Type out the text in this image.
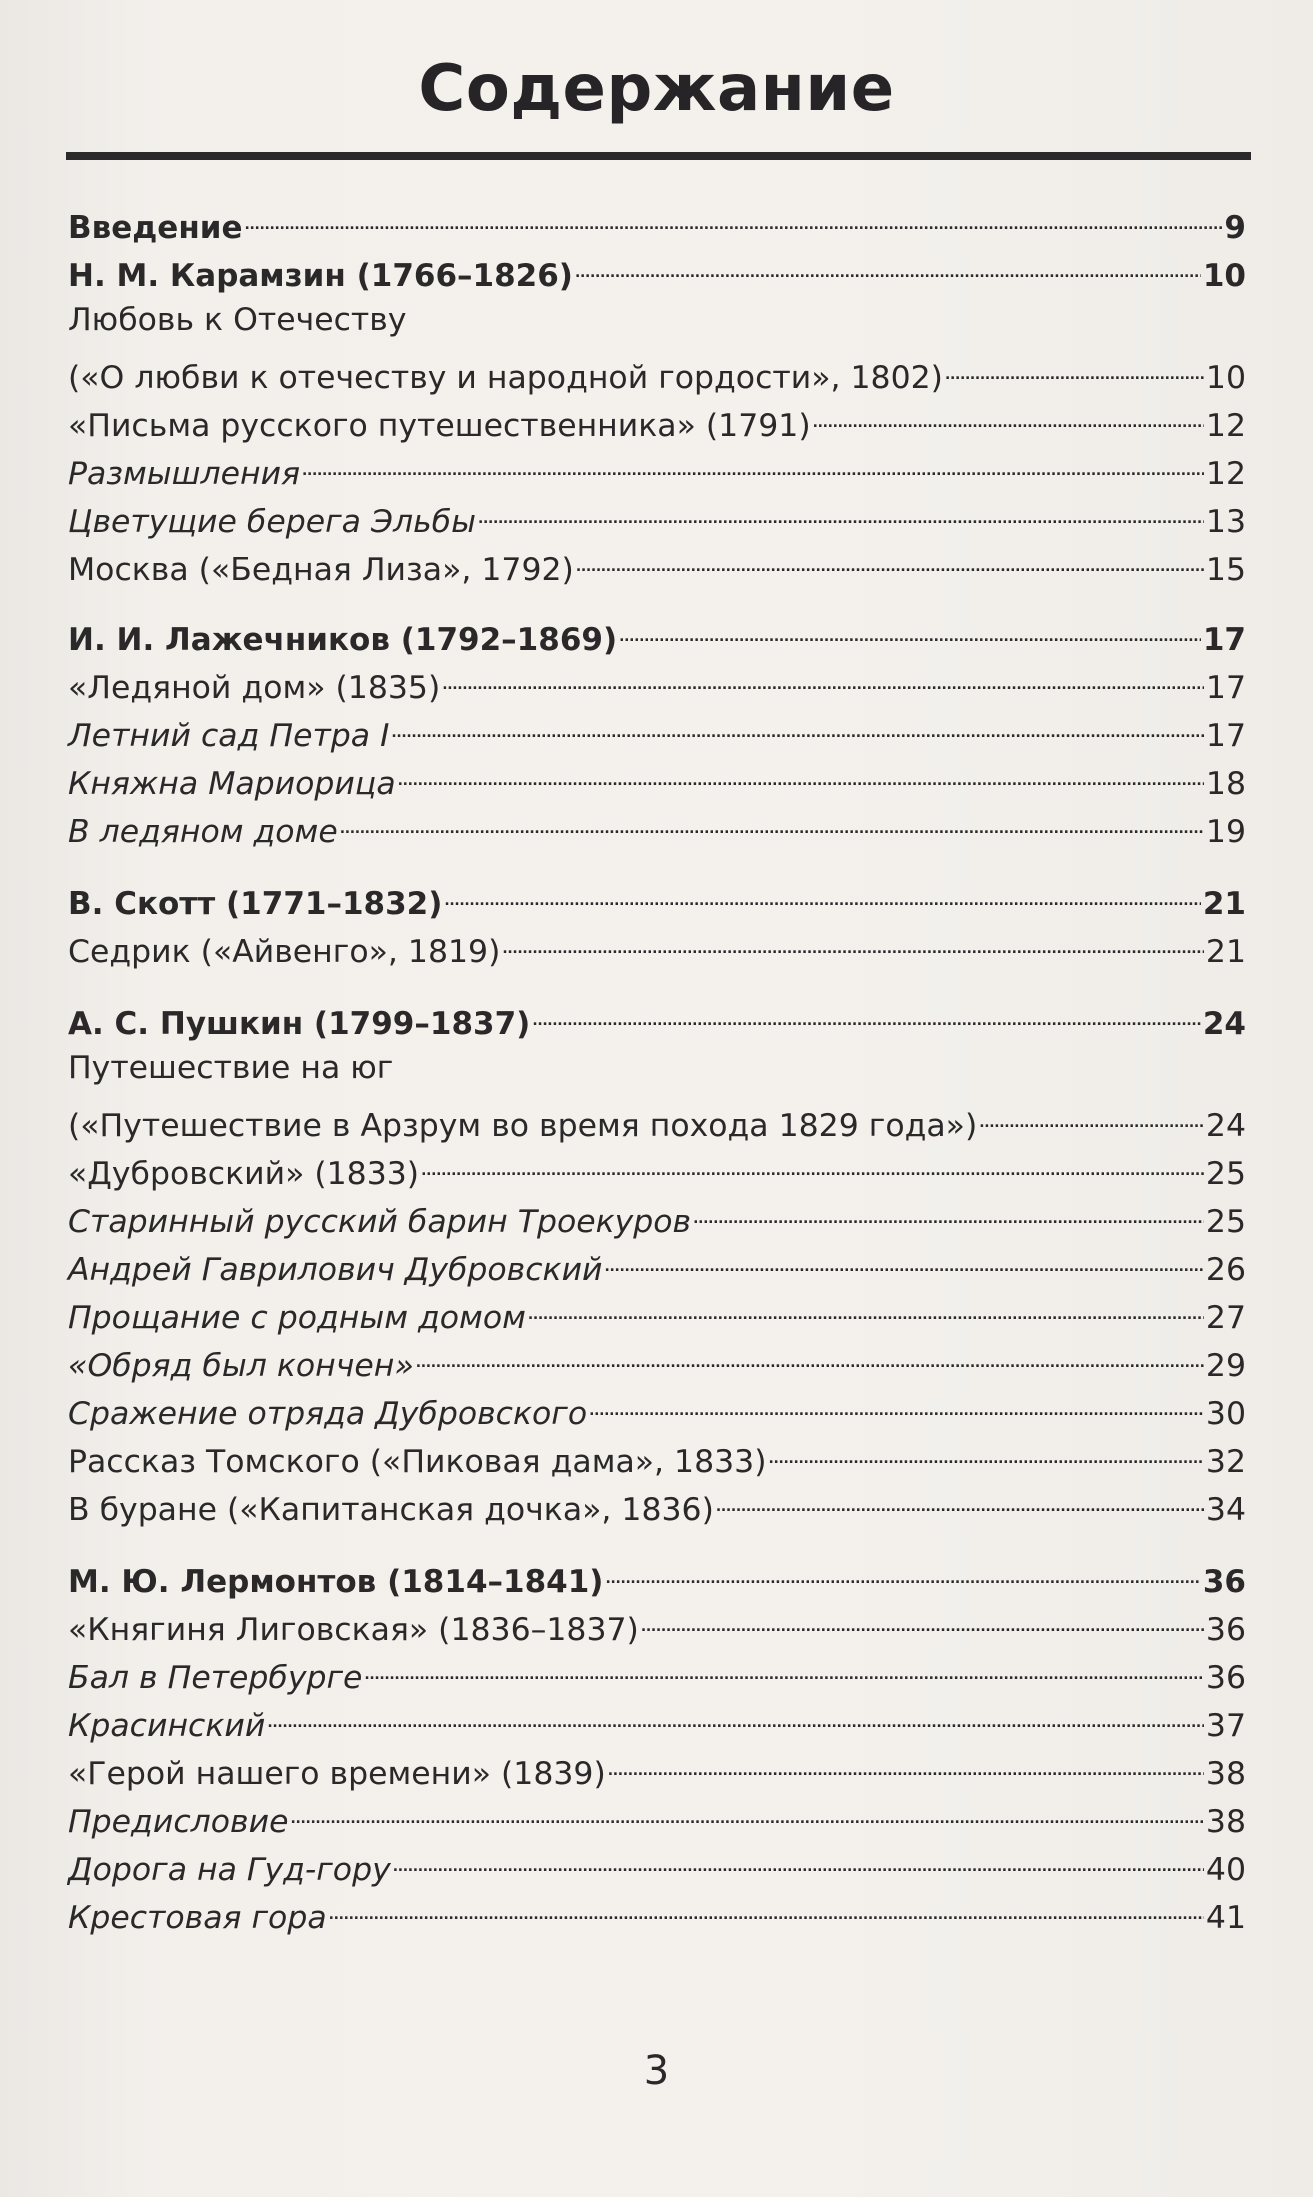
Содержание
Введение . . .	9
Н. М. Карамзин (1766–1826) . . .	10
Любовь к Отечеству
(«О любви к отечеству и народной гордости», 1802) . . .	10
«Письма русского путешественника» (1791) . . .	12
Размышления . . .	12
Цветущие берега Эльбы . . .	13
Москва («Бедная Лиза», 1792) . . .	15
И. И. Лажечников (1792–1869) . . .	17
«Ледяной дом» (1835) . . .	17
Летний сад Петра I . . .	17
Княжна Мариорица . . .	18
В ледяном доме . . .	19
В. Скотт (1771–1832) . . .	21
Седрик («Айвенго», 1819) . . .	21
А. С. Пушкин (1799–1837) . . .	24
Путешествие на юг
(«Путешествие в Арзрум во время похода 1829 года») . . .	24
«Дубровский» (1833) . . .	25
Старинный русский барин Троекуров . . .	25
Андрей Гаврилович Дубровский . . .	26
Прощание с родным домом . . .	27
«Обряд был кончен» . . .	29
Сражение отряда Дубровского . . .	30
Рассказ Томского («Пиковая дама», 1833) . . .	32
В буране («Капитанская дочка», 1836) . . .	34
М. Ю. Лермонтов (1814–1841) . . .	36
«Княгиня Лиговская» (1836–1837) . . .	36
Бал в Петербурге . . .	36
Красинский . . .	37
«Герой нашего времени» (1839) . . .	38
Предисловие . . .	38
Дорога на Гуд-гору . . .	40
Крестовая гора . . .	41
3
